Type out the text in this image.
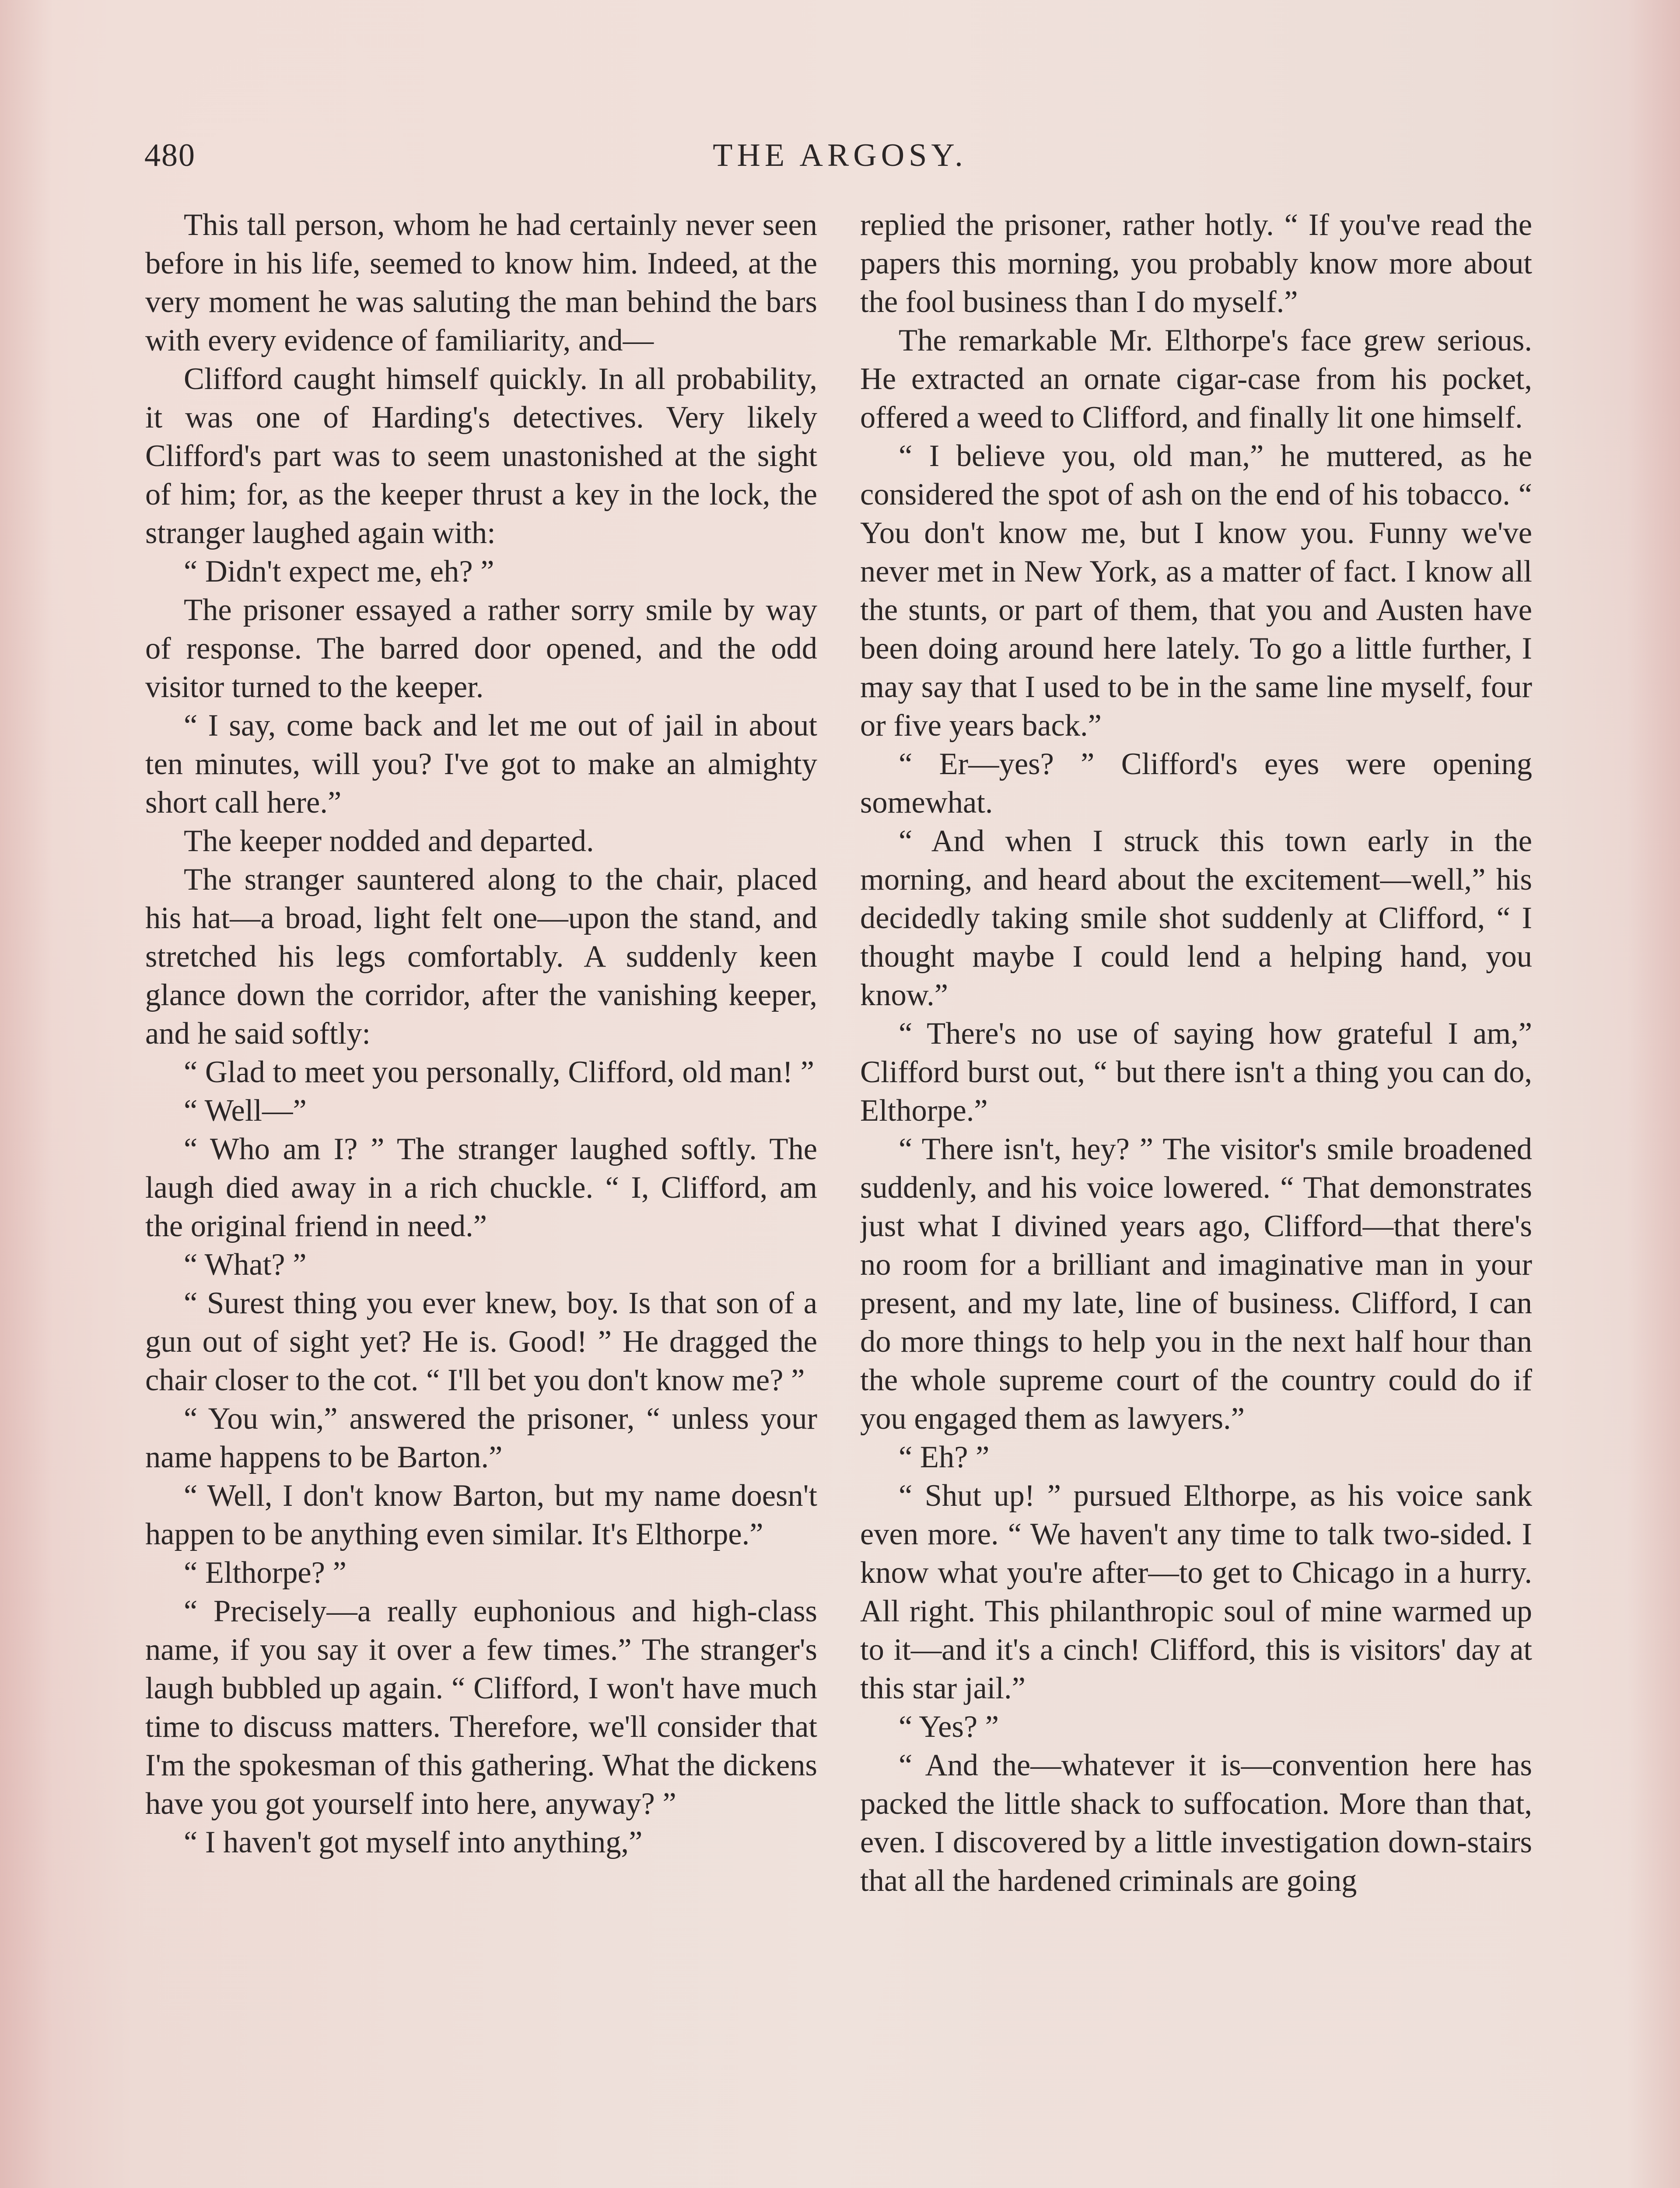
480	THE ARGOSY.

This tall person, whom he had certainly never seen before in his life, seemed to know him. Indeed, at the very moment he was saluting the man behind the bars with every evidence of familiarity, and—

Clifford caught himself quickly. In all probability, it was one of Harding's detectives. Very likely Clifford's part was to seem unastonished at the sight of him; for, as the keeper thrust a key in the lock, the stranger laughed again with:

“ Didn't expect me, eh? ”

The prisoner essayed a rather sorry smile by way of response. The barred door opened, and the odd visitor turned to the keeper.

“ I say, come back and let me out of jail in about ten minutes, will you? I've got to make an almighty short call here.”

The keeper nodded and departed.

The stranger sauntered along to the chair, placed his hat—a broad, light felt one—upon the stand, and stretched his legs comfortably. A suddenly keen glance down the corridor, after the vanishing keeper, and he said softly:

“ Glad to meet you personally, Clifford, old man! ”

“ Well—”

“ Who am I? ” The stranger laughed softly. The laugh died away in a rich chuckle. “ I, Clifford, am the original friend in need.”

“ What? ”

“ Surest thing you ever knew, boy. Is that son of a gun out of sight yet? He is. Good! ” He dragged the chair closer to the cot. “ I'll bet you don't know me? ”

“ You win,” answered the prisoner, “ unless your name happens to be Barton.”

“ Well, I don't know Barton, but my name doesn't happen to be anything even similar. It's Elthorpe.”

“ Elthorpe? ”

“ Precisely—a really euphonious and high-class name, if you say it over a few times.” The stranger's laugh bubbled up again. “ Clifford, I won't have much time to discuss matters. Therefore, we'll consider that I'm the spokesman of this gathering. What the dickens have you got yourself into here, anyway? ”

“ I haven't got myself into anything,”

replied the prisoner, rather hotly. “ If you've read the papers this morning, you probably know more about the fool business than I do myself.”

The remarkable Mr. Elthorpe's face grew serious. He extracted an ornate cigar-case from his pocket, offered a weed to Clifford, and finally lit one himself.

“ I believe you, old man,” he muttered, as he considered the spot of ash on the end of his tobacco. “ You don't know me, but I know you. Funny we've never met in New York, as a matter of fact. I know all the stunts, or part of them, that you and Austen have been doing around here lately. To go a little further, I may say that I used to be in the same line myself, four or five years back.”

“ Er—yes? ” Clifford's eyes were opening somewhat.

“ And when I struck this town early in the morning, and heard about the excitement—well,” his decidedly taking smile shot suddenly at Clifford, “ I thought maybe I could lend a helping hand, you know.”

“ There's no use of saying how grateful I am,” Clifford burst out, “ but there isn't a thing you can do, Elthorpe.”

“ There isn't, hey? ” The visitor's smile broadened suddenly, and his voice lowered. “ That demonstrates just what I divined years ago, Clifford—that there's no room for a brilliant and imaginative man in your present, and my late, line of business. Clifford, I can do more things to help you in the next half hour than the whole supreme court of the country could do if you engaged them as lawyers.”

“ Eh? ”

“ Shut up! ” pursued Elthorpe, as his voice sank even more. “ We haven't any time to talk two-sided. I know what you're after—to get to Chicago in a hurry. All right. This philanthropic soul of mine warmed up to it—and it's a cinch! Clifford, this is visitors' day at this star jail.”

“ Yes? ”

“ And the—whatever it is—convention here has packed the little shack to suffocation. More than that, even. I discovered by a little investigation down-stairs that all the hardened criminals are going
